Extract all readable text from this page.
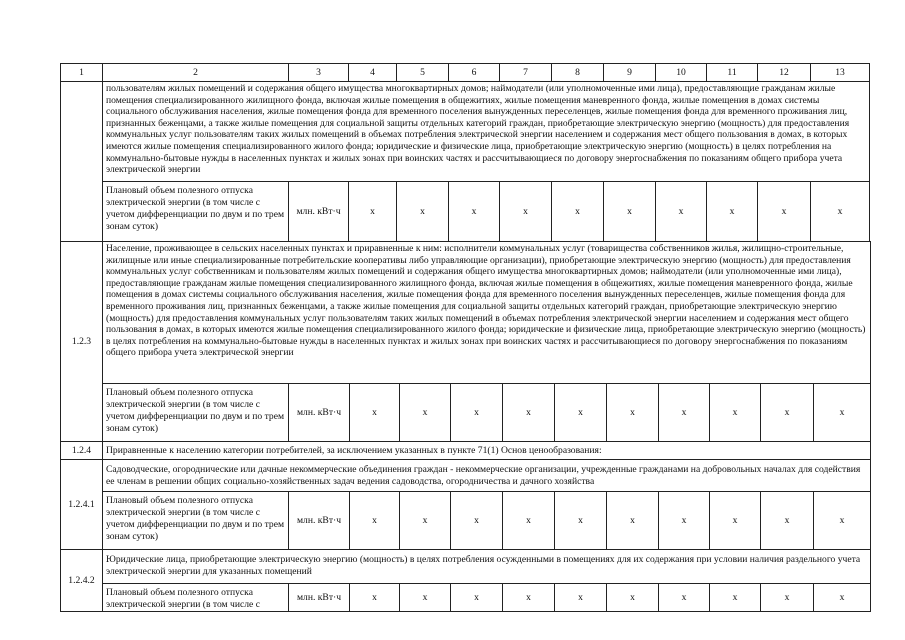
1	2	3	4	5	6	7	8	9	10	11	12	13
	пользователям жилых помещений и содержания общего имущества многоквартирных домов; наймодатели (или уполномоченные ими лица), предоставляющие гражданам жилые помещения специализированного жилищного фонда, включая жилые помещения в общежитиях, жилые помещения маневренного фонда, жилые помещения в домах системы социального обслуживания населения, жилые помещения фонда для временного поселения вынужденных переселенцев, жилые помещения фонда для временного проживания лиц, признанных беженцами, а также жилые помещения для социальной защиты отдельных категорий граждан, приобретающие электрическую энергию (мощность) для предоставления коммунальных услуг пользователям таких жилых помещений в объемах потребления электрической энергии населением и содержания мест общего пользования в домах, в которых имеются жилые помещения специализированного жилого фонда; юридические и физические лица, приобретающие электрическую энергию (мощность) в целях потребления на коммунально-бытовые нужды в населенных пунктах и жилых зонах при воинских частях и рассчитывающиеся по договору энергоснабжения по показаниям общего прибора учета электрической энергии											
	Плановый объем полезного отпуска электрической энергии (в том числе с учетом дифференциации по двум и по трем зонам суток)	млн. кВт·ч	x	x	x	x	x	x	x	x	x	x
1.2.3	Население, проживающее в сельских населенных пунктах и приравненные к ним: исполнители коммунальных услуг (товарищества собственников жилья, жилищно-строительные, жилищные или иные специализированные потребительские кооперативы либо управляющие организации), приобретающие электрическую энергию (мощность) для предоставления коммунальных услуг собственникам и пользователям жилых помещений и содержания общего имущества многоквартирных домов; наймодатели (или уполномоченные ими лица), предоставляющие гражданам жилые помещения специализированного жилищного фонда, включая жилые помещения в общежитиях, жилые помещения маневренного фонда, жилые помещения в домах системы социального обслуживания населения, жилые помещения фонда для временного поселения вынужденных переселенцев, жилые помещения фонда для временного проживания лиц, признанных беженцами, а также жилые помещения для социальной защиты отдельных категорий граждан, приобретающие электрическую энергию (мощность) для предоставления коммунальных услуг пользователям таких жилых помещений в объемах потребления электрической энергии населением и содержания мест общего пользования в домах, в которых имеются жилые помещения специализированного жилого фонда; юридические и физические лица, приобретающие электрическую энергию (мощность) в целях потребления на коммунально-бытовые нужды в населенных пунктах и жилых зонах при воинских частях и рассчитывающиеся по договору энергоснабжения по показаниям общего прибора учета электрической энергии											
	Плановый объем полезного отпуска электрической энергии (в том числе с учетом дифференциации по двум и по трем зонам суток)	млн. кВт·ч	x	x	x	x	x	x	x	x	x	x
1.2.4	Приравненные к населению категории потребителей, за исключением указанных в пункте 71(1) Основ ценообразования:											
1.2.4.1	Садоводческие, огороднические или дачные некоммерческие объединения граждан - некоммерческие организации, учрежденные гражданами на добровольных началах для содействия ее членам в решении общих социально-хозяйственных задач ведения садоводства, огородничества и дачного хозяйства											
	Плановый объем полезного отпуска электрической энергии (в том числе с учетом дифференциации по двум и по трем зонам суток)	млн. кВт·ч	x	x	x	x	x	x	x	x	x	x
1.2.4.2	Юридические лица, приобретающие электрическую энергию (мощность) в целях потребления осужденными в помещениях для их содержания при условии наличия раздельного учета электрической энергии для указанных помещений											
	Плановый объем полезного отпуска электрической энергии (в том числе с	млн. кВт·ч	x	x	x	x	x	x	x	x	x	x
